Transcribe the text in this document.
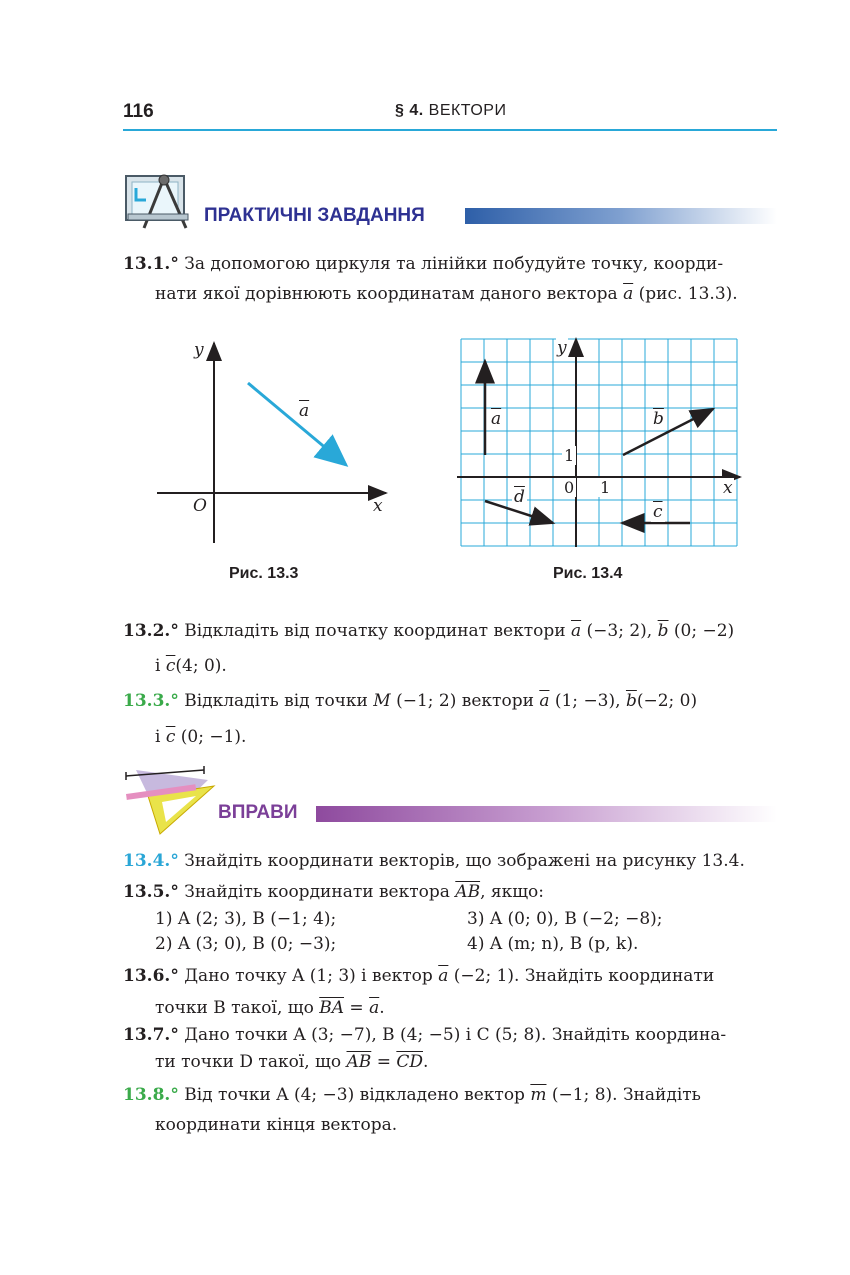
116	§ 4. ВЕКТОРИ
ПРАКТИЧНІ ЗАВДАННЯ
13.1.° За допомогою циркуля та лінійки побудуйте точку, коорди-
нати якої дорівнюють координатам даного вектора $\overline{a}$ (рис. 13.3).
y
x
O
$\overline{a}$
Рис. 13.3
y
x
0 1
1
$\overline{a}$	$\overline{b}$
$\overline{c}$
$\overline{d}$
Рис. 13.4
13.2.° Відкладіть від початку координат вектори $\overline{a}$ (−3; 2), $\overline{b}$ (0; −2)
і $\overline{c}(4$; 0).
13.3.° Відкладіть від точки M (−1; 2) вектори $\overline{a}$ (1; −3), $\overline{b}(-2$; 0)
і $\overline{c}$ (0; −1).
ВПРАВИ
13.4.° Знайдіть координати векторів, що зображені на рисунку 13.4.
13.5.° Знайдіть координати вектора $\overline{AB}$, якщо:
1) A (2; 3), B (−1; 4);	3) A (0; 0), B (−2; −8);
2) A (3; 0), B (0; −3);	4) A (m; n), B (p, k).
13.6.° Дано точку A (1; 3) і вектор $\overline{a}$ (−2; 1). Знайдіть координати
точки B такої, що $\overline{BA} = \overline{a}$.
13.7.° Дано точки A (3; −7), B (4; −5) і C (5; 8). Знайдіть координа-
ти точки D такої, що $\overline{AB} = \overline{CD}$.
13.8.° Від точки A (4; −3) відкладено вектор $\overline{m}$ (−1; 8). Знайдіть
координати кінця вектора.
